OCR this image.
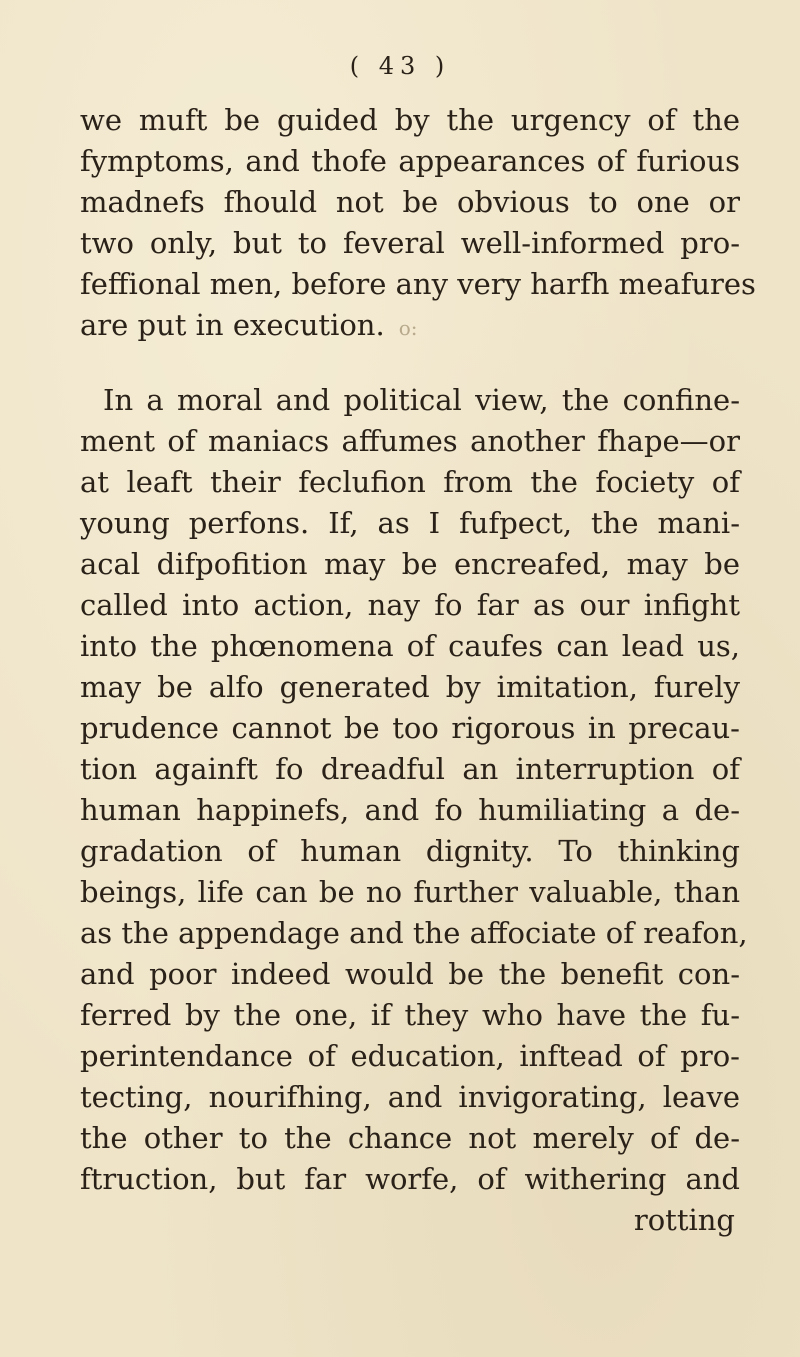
( 43 )
we muft be guided by the urgency of the
fymptoms, and thofe appearances of furious
madnefs fhould not be obvious to one or
two only, but to feveral well-informed pro-
feffional men, before any very harfh meafures
are put in execution. o:
In a moral and political view, the confine-
ment of maniacs affumes another fhape—or
at leaft their feclufion from the fociety of
young perfons. If, as I fufpect, the mani-
acal difpofition may be encreafed, may be
called into action, nay fo far as our infight
into the phœnomena of caufes can lead us,
may be alfo generated by imitation, furely
prudence cannot be too rigorous in precau-
tion againft fo dreadful an interruption of
human happinefs, and fo humiliating a de-
gradation of human dignity. To thinking
beings, life can be no further valuable, than
as the appendage and the affociate of reafon,
and poor indeed would be the benefit con-
ferred by the one, if they who have the fu-
perintendance of education, inftead of pro-
tecting, nourifhing, and invigorating, leave
the other to the chance not merely of de-
ftruction, but far worfe, of withering and
rotting
